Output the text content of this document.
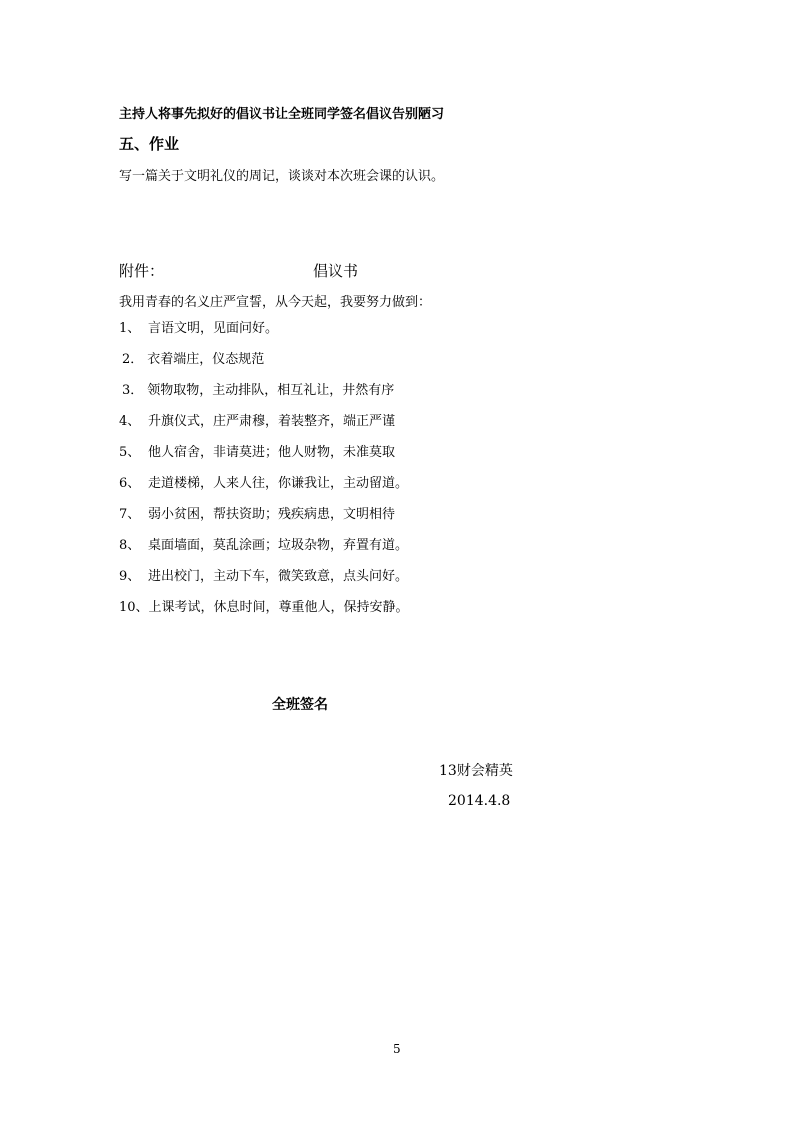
主持人将事先拟好的倡议书让全班同学签名倡议告别陋习
五、作业
写一篇关于文明礼仪的周记，谈谈对本次班会课的认识。
附件：	倡议书
我用青春的名义庄严宣誓，从今天起，我要努力做到：
1、 言语文明，见面问好。
2． 衣着端庄，仪态规范
3． 领物取物，主动排队，相互礼让，井然有序
4、 升旗仪式，庄严肃穆，着装整齐，端正严谨
5、 他人宿舍，非请莫进；他人财物，未准莫取
6、 走道楼梯，人来人往，你谦我让，主动留道。
7、 弱小贫困，帮扶资助；残疾病患，文明相待
8、 桌面墙面，莫乱涂画；垃圾杂物，弃置有道。
9、 进出校门，主动下车，微笑致意，点头问好。
10、上课考试，休息时间，尊重他人，保持安静。
全班签名
13财会精英
2014.4.8
5
